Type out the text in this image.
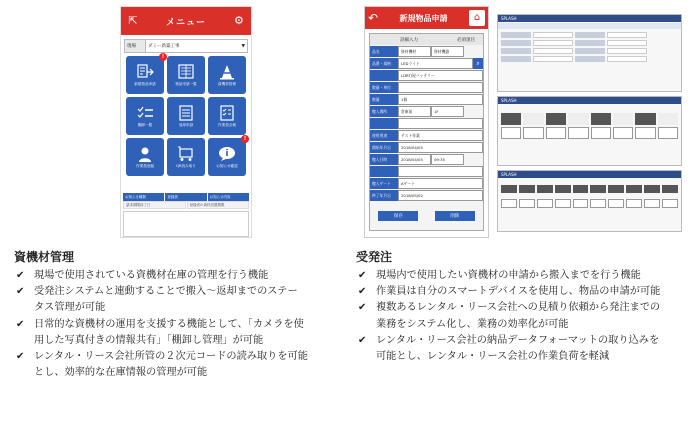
⇱	メニュー	⚙
現場	ダミー新築工事	▼
!
新規物品申請	物品申請一覧	資機材管理
棚卸一覧	返却申請	作業員点検
作業員登録	QR読み取り
!
お知らせ確認
お知らせ種類	登録者	お知らせ内容
請求期限終了日	登録者の資料設置期限
↶	新規物品申請	⌂
詳細入力	必須項目
品名	資材機材	資材機器
品番・規格	LEDライト	⌕
LDRT/屋バッテリー
数量・単位
数量	1個
搬入場所	倉庫前	1F
使用用途	テスト作業
開始年月日	2018/04/05
搬入日時	2018/04/05	09:35
搬入ゲート	Aゲート
終了年月日	2018/05/02
保存	削除
SPLASH
SPLASH
SPLASH
資機材管理
✔ 現場で使用されている資機材在庫の管理を行う機能
✔ 受発注システムと連動することで搬入～返却までのステー
タス管理が可能
✔ 日常的な資機材の運用を支援する機能として、「カメラを使
用した写真付きの情報共有」「棚卸し管理」が可能
✔ レンタル・リース会社所管の２次元コードの読み取りを可能
とし、効率的な在庫情報の管理が可能
受発注
✔ 現場内で使用したい資機材の申請から搬入までを行う機能
✔ 作業員は自分のスマートデバイスを使用し、物品の申請が可能
✔ 複数あるレンタル・リース会社への見積り依頼から発注までの
業務をシステム化し、業務の効率化が可能
✔ レンタル・リース会社の納品データフォーマットの取り込みを
可能とし、レンタル・リース会社の作業負荷を軽減
